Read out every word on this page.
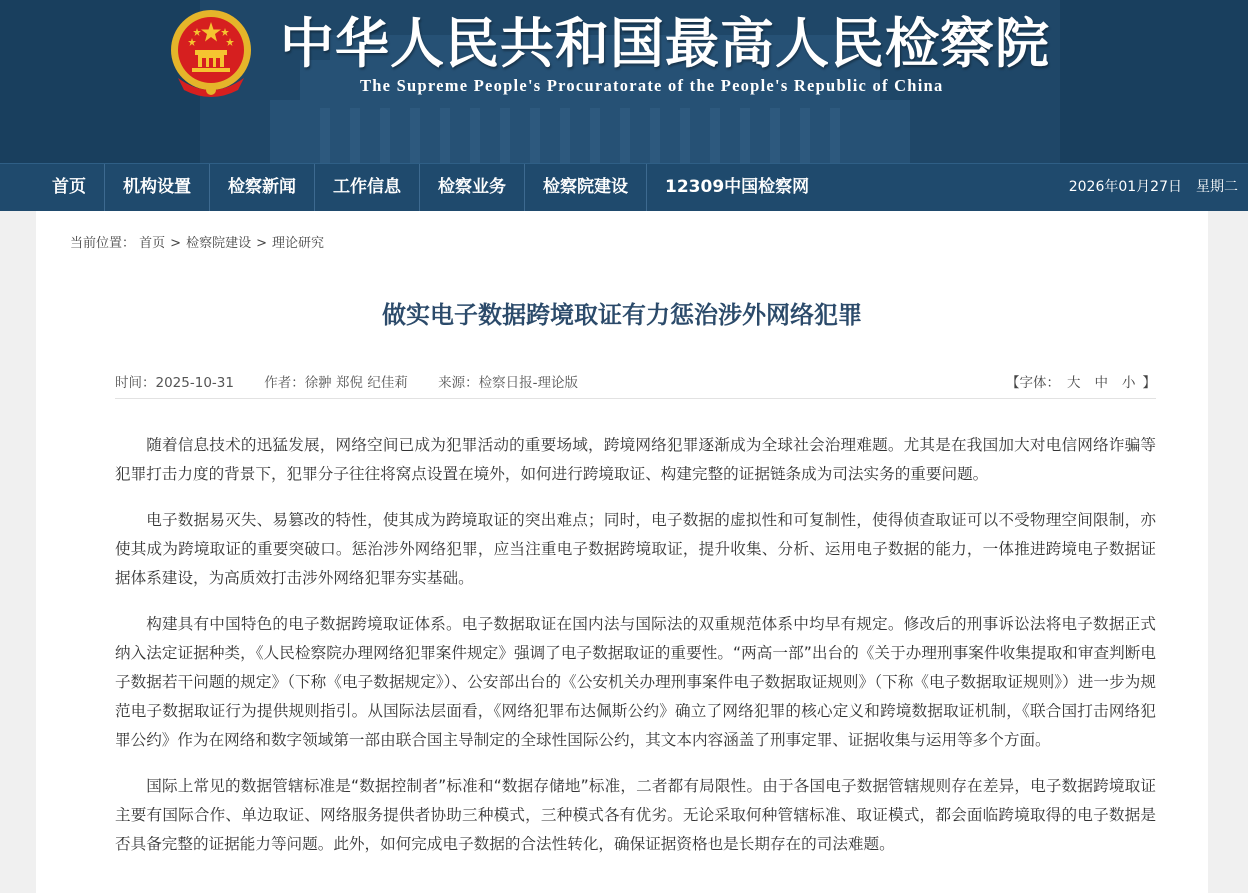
中华人民共和国最高人民检察院
The Supreme People's Procuratorate of the People's Republic of China
首页	机构设置	检察新闻	工作信息	检察业务	检察院建设	12309中国检察网	2026年01月27日 星期二
当前位置： 首页 > 检察院建设 > 理论研究
做实电子数据跨境取证有力惩治涉外网络犯罪
时间：2025-10-31 作者：徐翀 郑倪 纪佳莉 来源：检察日报-理论版	【字体： 大 中 小 】

随着信息技术的迅猛发展，网络空间已成为犯罪活动的重要场域，跨境网络犯罪逐渐成为全球社会治理难题。尤其是在我国加大对电信网络诈骗等犯罪打击力度的背景下，犯罪分子往往将窝点设置在境外，如何进行跨境取证、构建完整的证据链条成为司法实务的重要问题。

电子数据易灭失、易篡改的特性，使其成为跨境取证的突出难点；同时，电子数据的虚拟性和可复制性，使得侦查取证可以不受物理空间限制，亦使其成为跨境取证的重要突破口。惩治涉外网络犯罪，应当注重电子数据跨境取证，提升收集、分析、运用电子数据的能力，一体推进跨境电子数据证据体系建设，为高质效打击涉外网络犯罪夯实基础。

构建具有中国特色的电子数据跨境取证体系。电子数据取证在国内法与国际法的双重规范体系中均早有规定。修改后的刑事诉讼法将电子数据正式纳入法定证据种类，《人民检察院办理网络犯罪案件规定》强调了电子数据取证的重要性。“两高一部”出台的《关于办理刑事案件收集提取和审查判断电子数据若干问题的规定》（下称《电子数据规定》）、公安部出台的《公安机关办理刑事案件电子数据取证规则》（下称《电子数据取证规则》）进一步为规范电子数据取证行为提供规则指引。从国际法层面看，《网络犯罪布达佩斯公约》确立了网络犯罪的核心定义和跨境数据取证机制，《联合国打击网络犯罪公约》作为在网络和数字领域第一部由联合国主导制定的全球性国际公约，其文本内容涵盖了刑事定罪、证据收集与运用等多个方面。

国际上常见的数据管辖标准是“数据控制者”标准和“数据存储地”标准，二者都有局限性。由于各国电子数据管辖规则存在差异，电子数据跨境取证主要有国际合作、单边取证、网络服务提供者协助三种模式，三种模式各有优劣。无论采取何种管辖标准、取证模式，都会面临跨境取得的电子数据是否具备完整的证据能力等问题。此外，如何完成电子数据的合法性转化，确保证据资格也是长期存在的司法难题。
